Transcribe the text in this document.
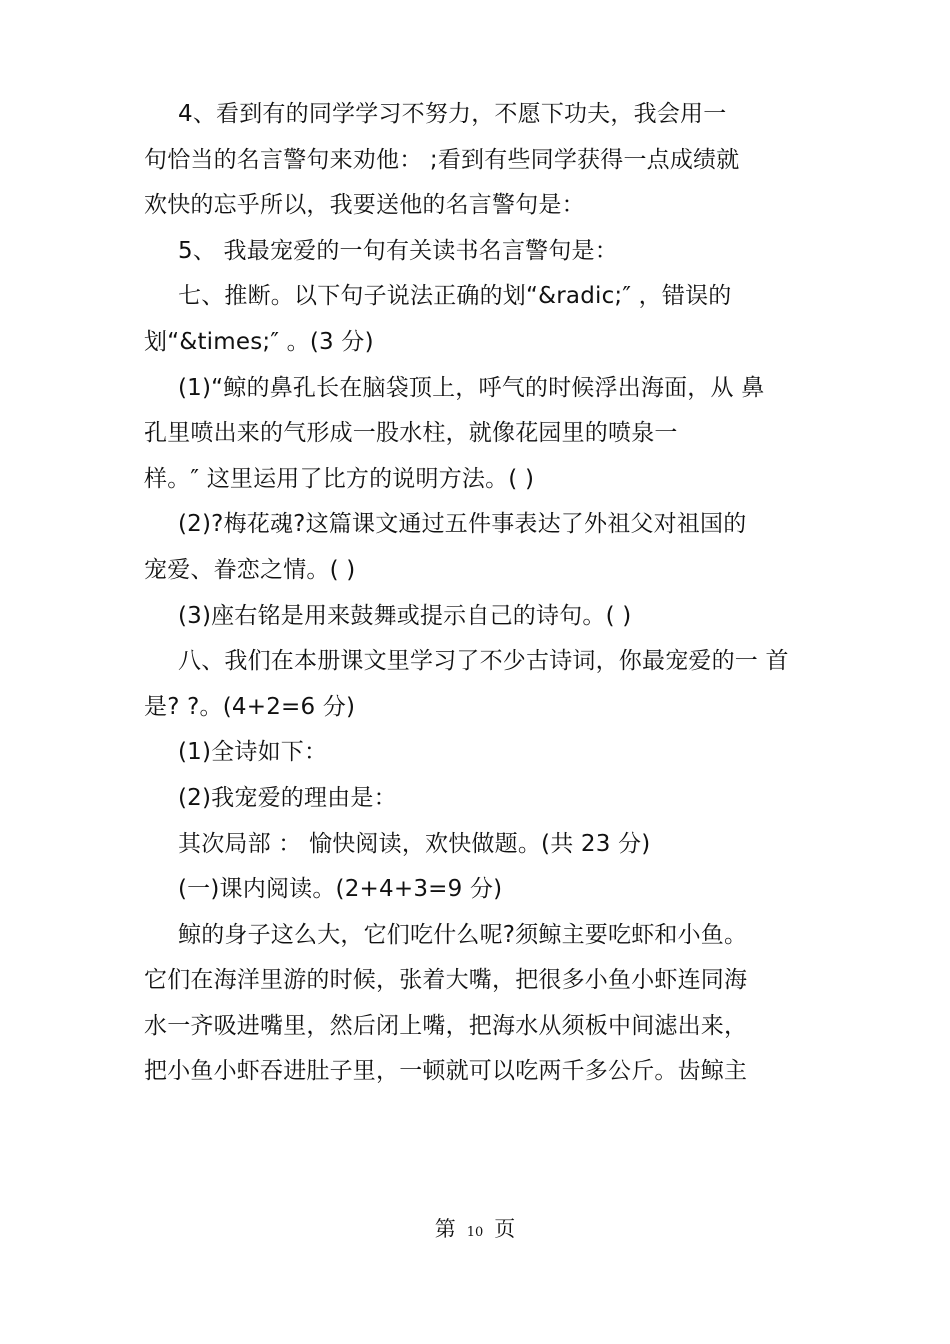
4、看到有的同学学习不努力，不愿下功夫，我会用一
句恰当的名言警句来劝他： ;看到有些同学获得一点成绩就
欢快的忘乎所以，我要送他的名言警句是：
5、 我最宠爱的一句有关读书名言警句是：
七、推断。以下句子说法正确的划“&radic;″ ，错误的
划“&times;″ 。(3 分)
(1)“鲸的鼻孔长在脑袋顶上，呼气的时候浮出海面，从 鼻
孔里喷出来的气形成一股水柱，就像花园里的喷泉一
样。″ 这里运用了比方的说明方法。( )
(2)?梅花魂?这篇课文通过五件事表达了外祖父对祖国的
宠爱、眷恋之情。( )
(3)座右铭是用来鼓舞或提示自己的诗句。( )
八、我们在本册课文里学习了不少古诗词，你最宠爱的一 首
是? ?。(4+2=6 分)
(1)全诗如下：
(2)我宠爱的理由是：
其次局部 ： 愉快阅读，欢快做题。(共 23 分)
(一)课内阅读。(2+4+3=9 分)
鲸的身子这么大，它们吃什么呢?须鲸主要吃虾和小鱼。
它们在海洋里游的时候，张着大嘴，把很多小鱼小虾连同海
水一齐吸进嘴里，然后闭上嘴，把海水从须板中间滤出来，
把小鱼小虾吞进肚子里，一顿就可以吃两千多公斤。齿鲸主
第 10 页
